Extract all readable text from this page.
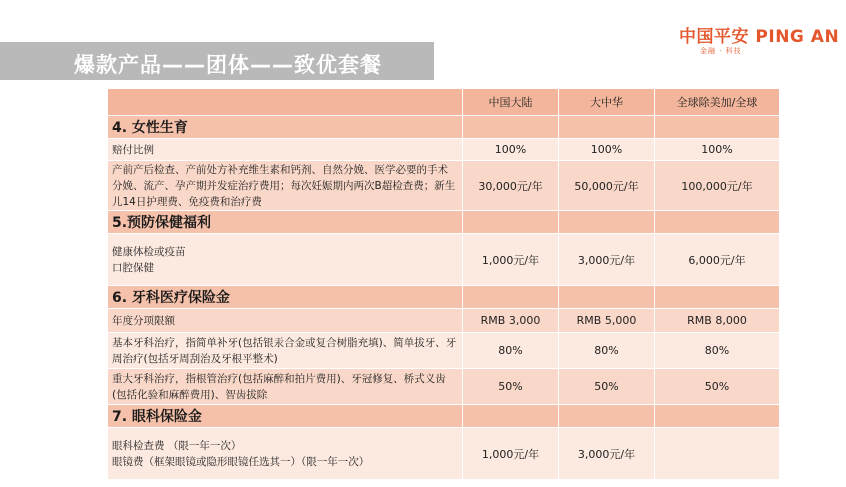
爆款产品——团体——致优套餐
中国平安 PING AN
金融 · 科技
	中国大陆	大中华	全球除美加/全球
4. 女性生育			
赔付比例	100%	100%	100%
产前产后检查、产前处方补充维生素和钙剂、自然分娩、医学必要的手术分娩、流产、孕产期并发症治疗费用；每次妊娠期内两次B超检查费；新生儿14日护理费、免疫费和治疗费	30,000元/年	50,000元/年	100,000元/年
5.预防保健福利			

健康体检或疫苗
口腔保健	1,000元/年	3,000元/年	6,000元/年
6. 牙科医疗保险金			
年度分项限额	RMB 3,000	RMB 5,000	RMB 8,000
基本牙科治疗，指简单补牙(包括银汞合金或复合树脂充填)、简单拔牙、牙周治疗(包括牙周刮治及牙根平整术)	80%	80%	80%
重大牙科治疗，指根管治疗(包括麻醉和拍片费用)、牙冠修复、桥式义齿(包括化验和麻醉费用)、智齿拔除	50%	50%	50%
7. 眼科保险金			

眼科检查费 （限一年一次）
眼镜费（框架眼镜或隐形眼镜任选其一）（限一年一次）	1,000元/年	3,000元/年	
